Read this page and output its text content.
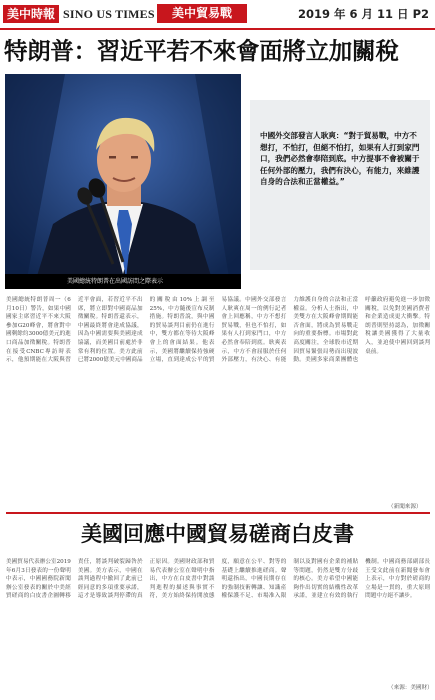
美中時報 SINO US TIMES	美中貿易戰	2019 年 6 月 11 日 P2
特朗普：習近平若不來會面將立加關稅
美國總統特朗普在出國訪問之際表示

中國外交部發言人耿爽：“對于貿易戰，中方不想打，不怕打，但絕不怕打，如果有人打到家門口，我們必然會奉陪到底。中方提事不會被關于任何外部的壓力，我們有決心，有能力，來維護自身的合法和正當權益。”

美國總統特朗普周一（6月10日）警告，如果中國國家主席習近平不來大阪參加G20峰會，將會對中國剩餘約3000億美元的進口商品加徵關稅。特朗普在接受CNBC專訪時表示，他預期能在大阪與習近平會面，若習近平不出席，將立即對中國商品加徵關稅。特朗普還表示，中國最終將會達成協議，因為中國需要與美國達成協議，而美國目前處於非常有利的位置。美方此前已將2000億美元中國商品的關稅由10%上調至25%，中方隨後宣布反制措施。特朗普說，與中國的貿易談判目前仍在進行中，雙方都在等待大阪峰會上的會面結果。他表示，美國將繼續保持強硬立場，直到達成公平的貿易協議。中國外交部發言人耿爽在周一的例行記者會上回應稱，中方不想打貿易戰，但也不怕打，如果有人打到家門口，中方必然會奉陪到底。耿爽表示，中方不會屈服於任何外部壓力，有決心、有能力維護自身的合法和正當權益。分析人士指出，中美雙方在大阪峰會期間能否會面，將成為貿易戰走向的重要指標。市場對此高度關注，全球股市近期因貿易緊張局勢而出現波動。美國多家商業團體也呼籲政府避免進一步加徵關稅，以免對美國消費者和企業造成更大衝擊。特朗普則堅持認為，加徵關稅讓美國獲得了大量收入，並迫使中國回到談判桌前。
（新聞來源）
美國回應中國貿易磋商白皮書
美國貿易代表辦公室2019年6月3日發表的一份聲明中表示，中國國務院新聞辦公室發表的關於中美經貿磋商的白皮書企圖轉移責任，將談判破裂歸咎於美國。美方表示，中國在談判過程中撤回了此前已經同意的多項重要承諾，這才是導致談判停滯的真正原因。美國財政部和貿易代表辦公室在聲明中指出，中方在白皮書中對談判進程的描述與事實不符，美方始終保持開放態度，願意在公平、對等的基礎上繼續推進磋商。聲明還指出，中國長期存在的強制技術轉讓、知識產權保護不足、市場准入限制以及對國有企業的補貼等問題，仍然是雙方分歧的核心。美方希望中國能夠作出切實的結構性改革承諾，並建立有效的執行機制。中國商務部副部長王受文此前在新聞發布會上表示，中方對於磋商的立場是一貫的，重大原則問題中方絕不讓步。
（來源：美國財）
